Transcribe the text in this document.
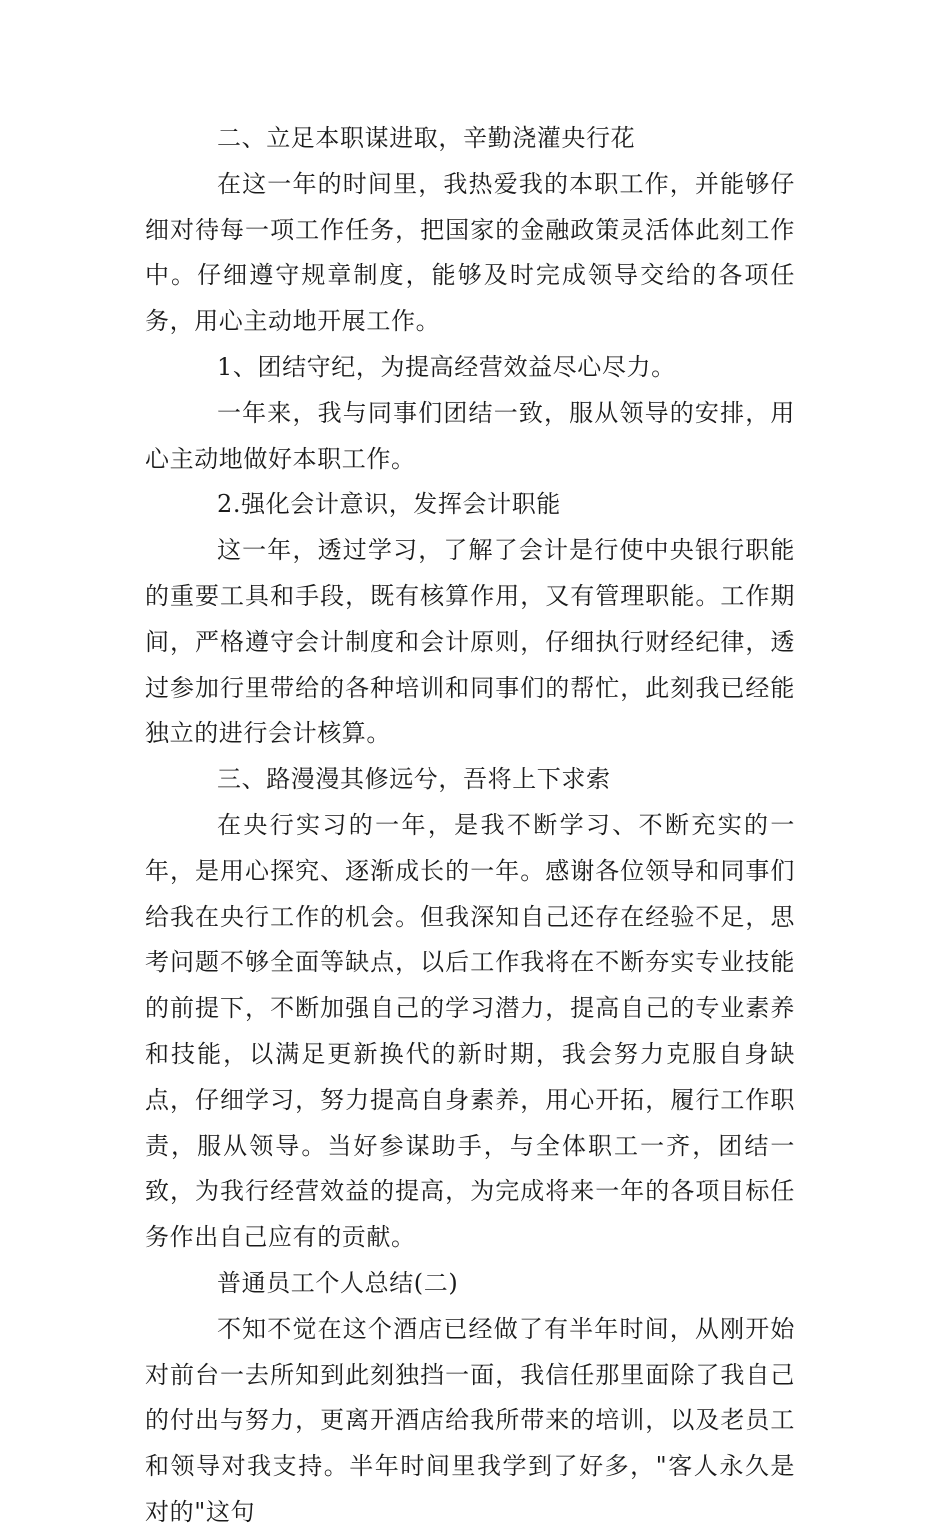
二、立足本职谋进取，辛勤浇灌央行花

在这一年的时间里，我热爱我的本职工作，并能够仔细对待每一项工作任务，把国家的金融政策灵活体此刻工作中。仔细遵守规章制度，能够及时完成领导交给的各项任务，用心主动地开展工作。

1、团结守纪，为提高经营效益尽心尽力。

一年来，我与同事们团结一致，服从领导的安排，用心主动地做好本职工作。

2.强化会计意识，发挥会计职能

这一年，透过学习，了解了会计是行使中央银行职能的重要工具和手段，既有核算作用，又有管理职能。工作期间，严格遵守会计制度和会计原则，仔细执行财经纪律，透过参加行里带给的各种培训和同事们的帮忙，此刻我已经能独立的进行会计核算。

三、路漫漫其修远兮，吾将上下求索

在央行实习的一年，是我不断学习、不断充实的一年，是用心探究、逐渐成长的一年。感谢各位领导和同事们给我在央行工作的机会。但我深知自己还存在经验不足，思考问题不够全面等缺点，以后工作我将在不断夯实专业技能的前提下，不断加强自己的学习潜力，提高自己的专业素养和技能，以满足更新换代的新时期，我会努力克服自身缺点，仔细学习，努力提高自身素养，用心开拓，履行工作职责，服从领导。当好参谋助手，与全体职工一齐，团结一致，为我行经营效益的提高，为完成将来一年的各项目标任务作出自己应有的贡献。

普通员工个人总结(二)

不知不觉在这个酒店已经做了有半年时间，从刚开始对前台一去所知到此刻独挡一面，我信任那里面除了我自己的付出与努力，更离开酒店给我所带来的培训，以及老员工和领导对我支持。半年时间里我学到了好多，"客人永久是对的"这句
